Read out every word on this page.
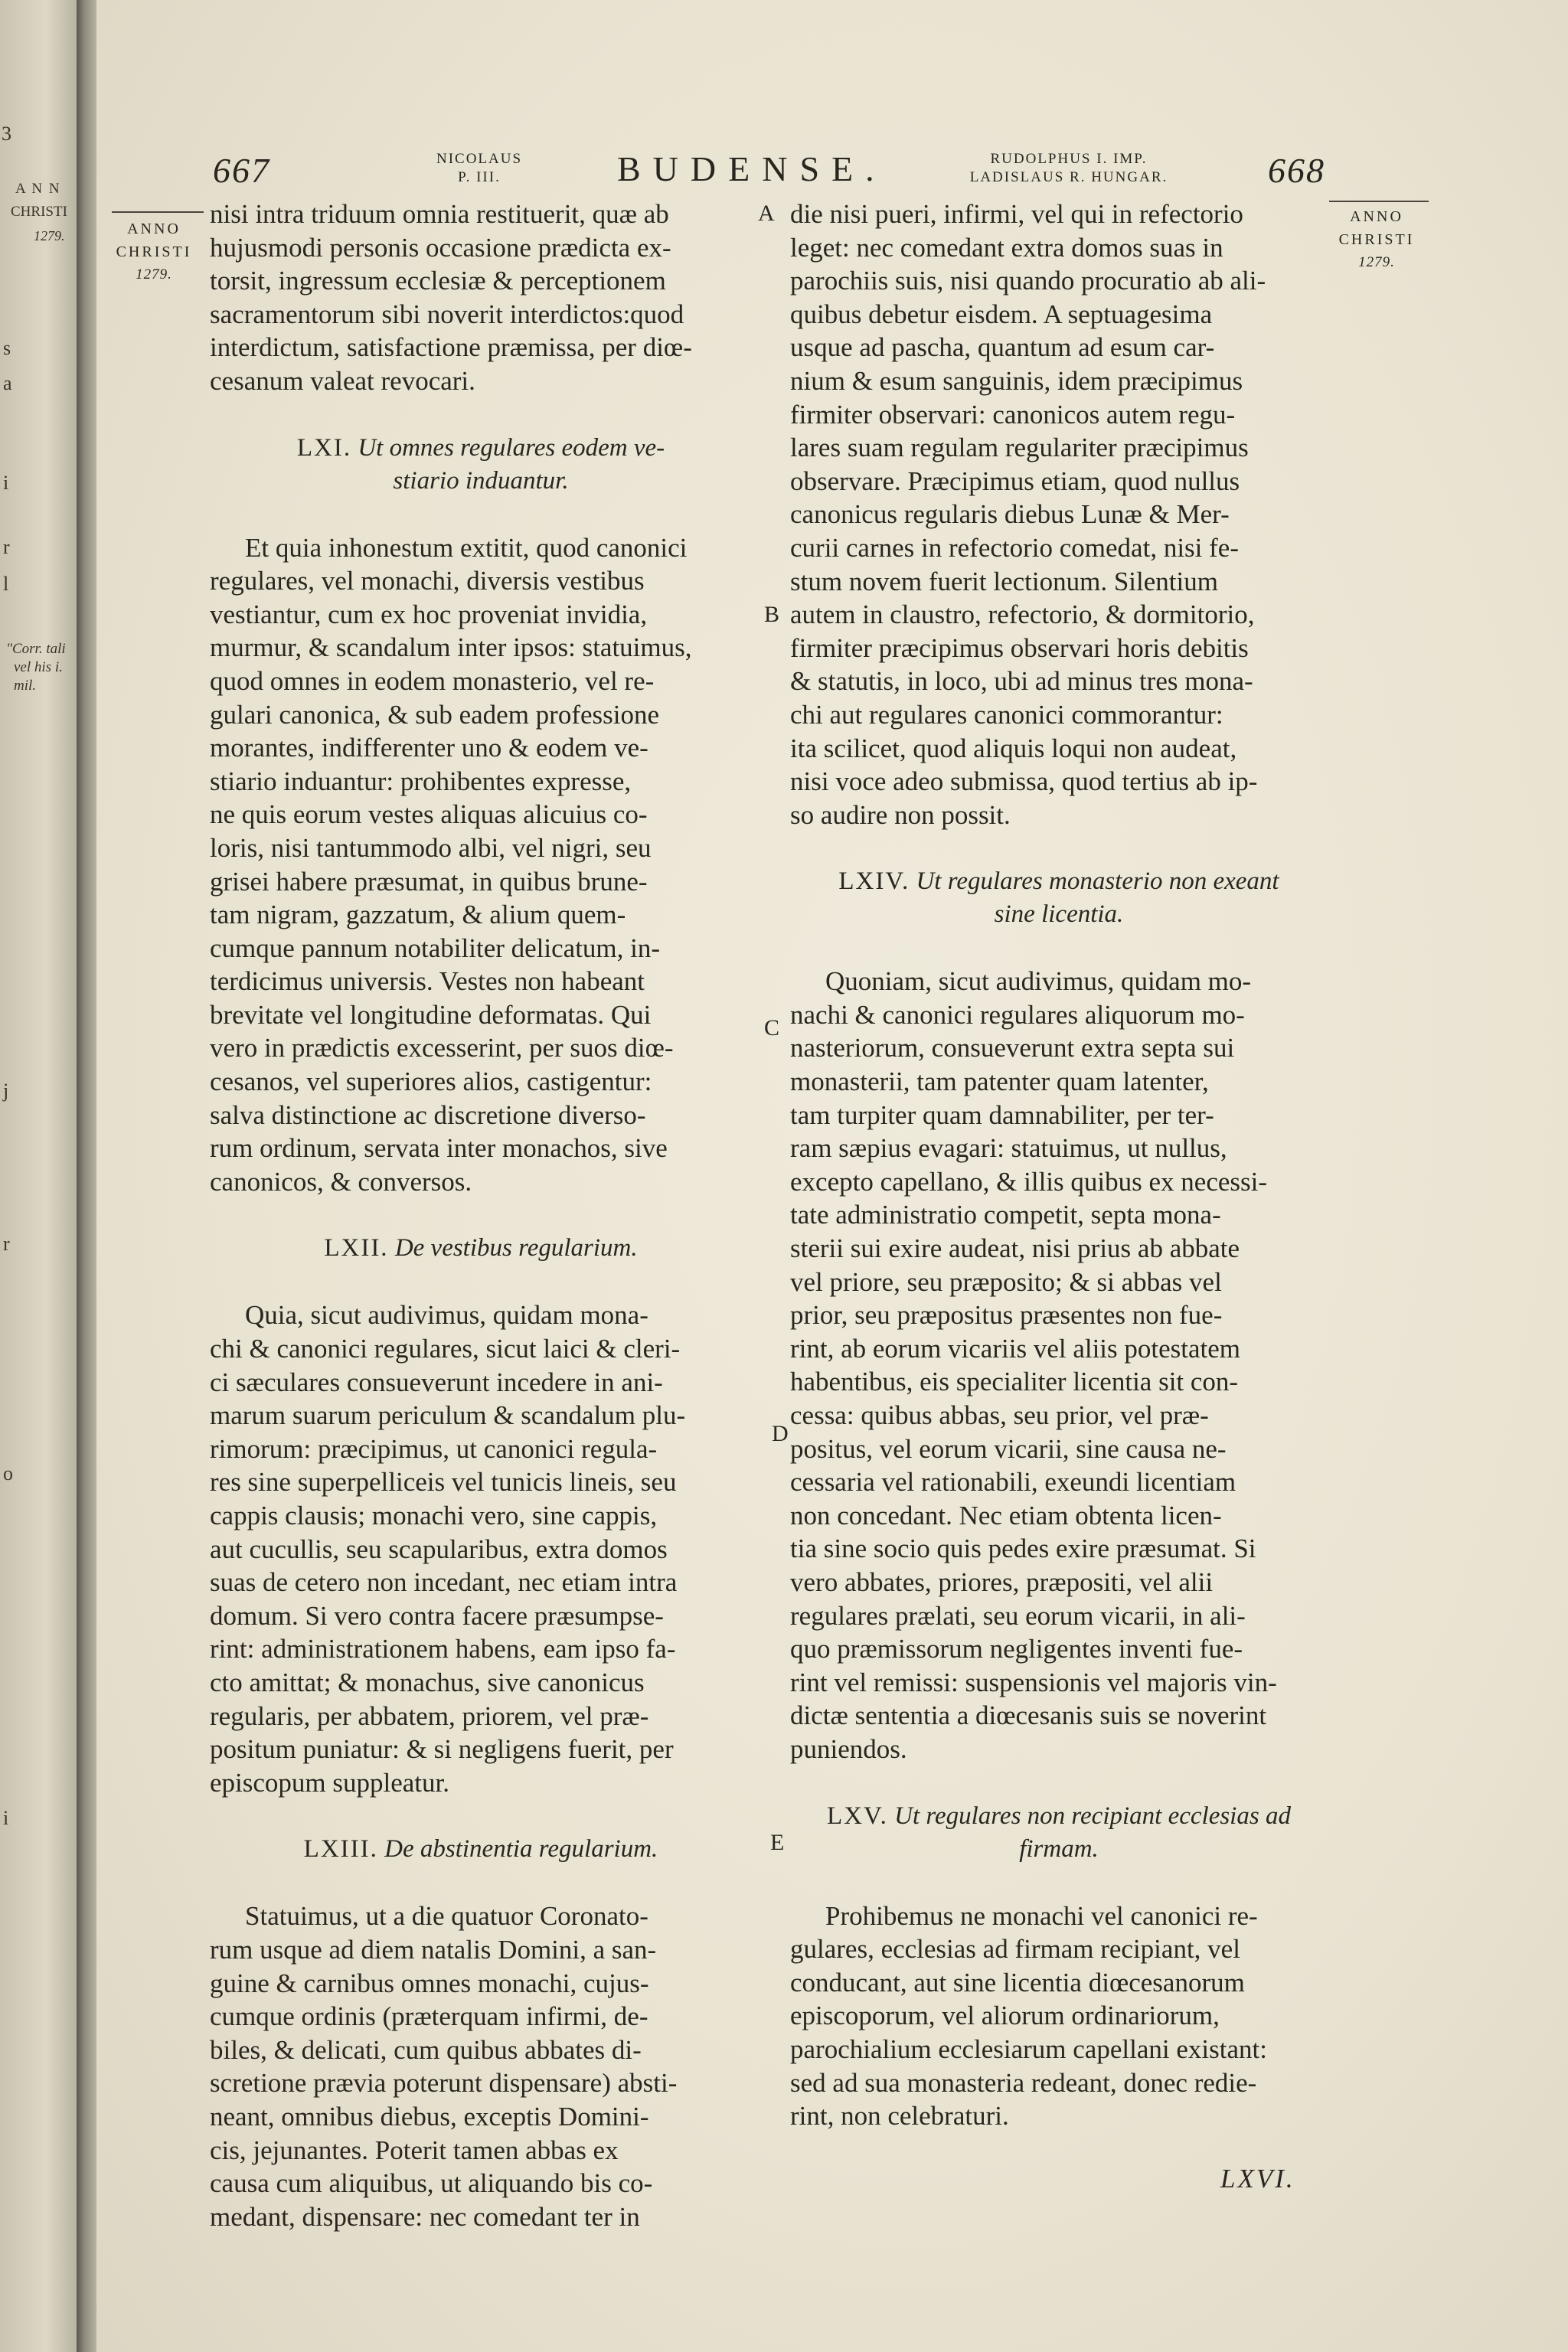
3
A N N
CHRISTI
1279.
s
a
i
r
l
j
r
o
i
"Corr. tali
vel his i.
mil.
667	NICOLAUS
P. III.	BUDENSE.	RUDOLPHUS I. IMP.
LADISLAUS R. HUNGAR.	668
ANNO
CHRISTI
1279.
ANNO
CHRISTI
1279.
A
B
C
D
E

nisi intra triduum omnia restituerit, quæ ab
hujusmodi personis occasione prædicta ex-
torsit, ingressum ecclesiæ & perceptionem
sacramentorum sibi noverit interdictos:quod
interdictum, satisfactione præmissa, per diœ-
cesanum valeat revocari.

LXI. Ut omnes regulares eodem ve-
stiario induantur.

Et quia inhonestum extitit, quod canonici
regulares, vel monachi, diversis vestibus
vestiantur, cum ex hoc proveniat invidia,
murmur, & scandalum inter ipsos: statuimus,
quod omnes in eodem monasterio, vel re-
gulari canonica, & sub eadem professione
morantes, indifferenter uno & eodem ve-
stiario induantur: prohibentes expresse,
ne quis eorum vestes aliquas alicuius co-
loris, nisi tantummodo albi, vel nigri, seu
grisei habere præsumat, in quibus brune-
tam nigram, gazzatum, & alium quem-
cumque pannum notabiliter delicatum, in-
terdicimus universis. Vestes non habeant
brevitate vel longitudine deformatas. Qui
vero in prædictis excesserint, per suos diœ-
cesanos, vel superiores alios, castigentur:
salva distinctione ac discretione diverso-
rum ordinum, servata inter monachos, sive
canonicos, & conversos.

LXII. De vestibus regularium.

Quia, sicut audivimus, quidam mona-
chi & canonici regulares, sicut laici & cleri-
ci sæculares consueverunt incedere in ani-
marum suarum periculum & scandalum plu-
rimorum: præcipimus, ut canonici regula-
res sine superpelliceis vel tunicis lineis, seu
cappis clausis; monachi vero, sine cappis,
aut cucullis, seu scapularibus, extra domos
suas de cetero non incedant, nec etiam intra
domum. Si vero contra facere præsumpse-
rint: administrationem habens, eam ipso fa-
cto amittat; & monachus, sive canonicus
regularis, per abbatem, priorem, vel præ-
positum puniatur: & si negligens fuerit, per
episcopum suppleatur.

LXIII. De abstinentia regularium.

Statuimus, ut a die quatuor Coronato-
rum usque ad diem natalis Domini, a san-
guine & carnibus omnes monachi, cujus-
cumque ordinis (præterquam infirmi, de-
biles, & delicati, cum quibus abbates di-
scretione prævia poterunt dispensare) absti-
neant, omnibus diebus, exceptis Domini-
cis, jejunantes. Poterit tamen abbas ex
causa cum aliquibus, ut aliquando bis co-
medant, dispensare: nec comedant ter in

die nisi pueri, infirmi, vel qui in refectorio
leget: nec comedant extra domos suas in
parochiis suis, nisi quando procuratio ab ali-
quibus debetur eisdem. A septuagesima
usque ad pascha, quantum ad esum car-
nium & esum sanguinis, idem præcipimus
firmiter observari: canonicos autem regu-
lares suam regulam regulariter præcipimus
observare. Præcipimus etiam, quod nullus
canonicus regularis diebus Lunæ & Mer-
curii carnes in refectorio comedat, nisi fe-
stum novem fuerit lectionum. Silentium
autem in claustro, refectorio, & dormitorio,
firmiter præcipimus observari horis debitis
& statutis, in loco, ubi ad minus tres mona-
chi aut regulares canonici commorantur:
ita scilicet, quod aliquis loqui non audeat,
nisi voce adeo submissa, quod tertius ab ip-
so audire non possit.

LXIV. Ut regulares monasterio non exeant
sine licentia.

Quoniam, sicut audivimus, quidam mo-
nachi & canonici regulares aliquorum mo-
nasteriorum, consueverunt extra septa sui
monasterii, tam patenter quam latenter,
tam turpiter quam damnabiliter, per ter-
ram sæpius evagari: statuimus, ut nullus,
excepto capellano, & illis quibus ex necessi-
tate administratio competit, septa mona-
sterii sui exire audeat, nisi prius ab abbate
vel priore, seu præposito; & si abbas vel
prior, seu præpositus præsentes non fue-
rint, ab eorum vicariis vel aliis potestatem
habentibus, eis specialiter licentia sit con-
cessa: quibus abbas, seu prior, vel præ-
positus, vel eorum vicarii, sine causa ne-
cessaria vel rationabili, exeundi licentiam
non concedant. Nec etiam obtenta licen-
tia sine socio quis pedes exire præsumat. Si
vero abbates, priores, præpositi, vel alii
regulares prælati, seu eorum vicarii, in ali-
quo præmissorum negligentes inventi fue-
rint vel remissi: suspensionis vel majoris vin-
dictæ sententia a diœcesanis suis se noverint
puniendos.

LXV. Ut regulares non recipiant ecclesias ad
firmam.

Prohibemus ne monachi vel canonici re-
gulares, ecclesias ad firmam recipiant, vel
conducant, aut sine licentia diœcesanorum
episcoporum, vel aliorum ordinariorum,
parochialium ecclesiarum capellani existant:
sed ad sua monasteria redeant, donec redie-
rint, non celebraturi.

LXVI.
